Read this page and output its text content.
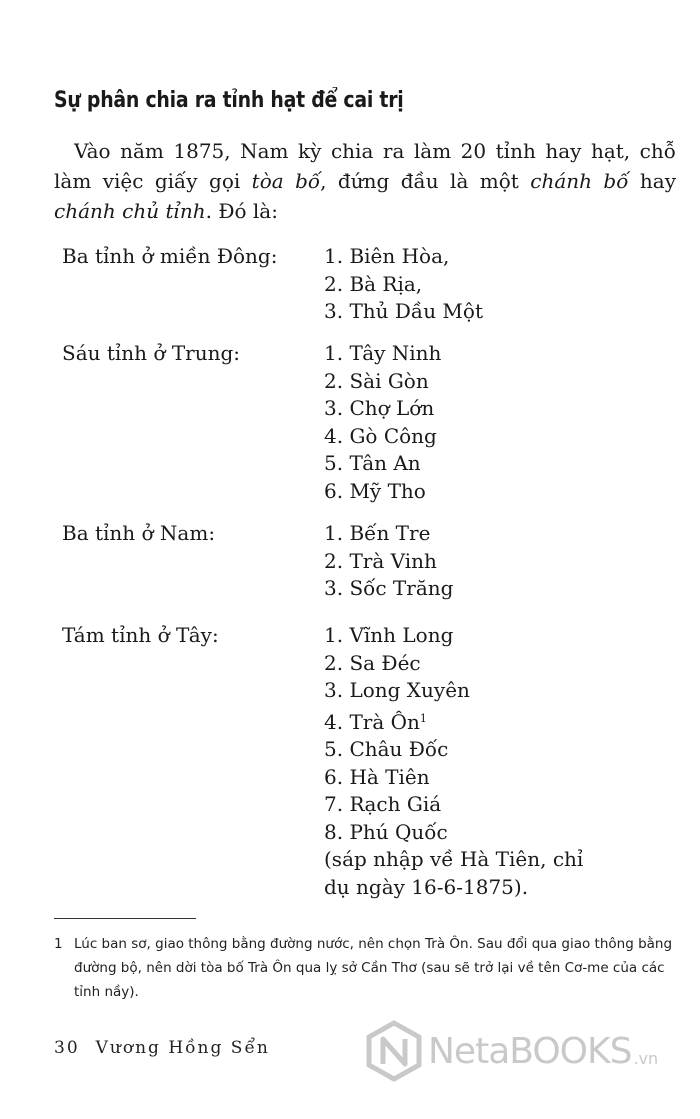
Sự phân chia ra tỉnh hạt để cai trị

Vào năm 1875, Nam kỳ chia ra làm 20 tỉnh hay hạt, chỗ làm việc giấy gọi tòa bố, đứng đầu là một chánh bố hay chánh chủ tỉnh. Đó là:

Ba tỉnh ở miền Đông:	1. Biên Hòa,
2. Bà Rịa,
3. Thủ Dầu Một
Sáu tỉnh ở Trung:	1. Tây Ninh
2. Sài Gòn
3. Chợ Lớn
4. Gò Công
5. Tân An
6. Mỹ Tho
Ba tỉnh ở Nam:	1. Bến Tre
2. Trà Vinh
3. Sốc Trăng
Tám tỉnh ở Tây:	1. Vĩnh Long
2. Sa Đéc
3. Long Xuyên
4. Trà $Ôn^1$
5. Châu Đốc
6. Hà Tiên
7. Rạch Giá
8. Phú Quốc
(sáp nhập về Hà Tiên, chỉ dụ ngày 16-6-1875).
1 Lúc ban sơ, giao thông bằng đường nước, nên chọn Trà Ôn. Sau đổi qua giao thông bằng đường bộ, nên dời tòa bố Trà Ôn qua lỵ sở Cần Thơ (sau sẽ trở lại về tên Cơ-me của các tỉnh nầy).
30 Vương Hồng Sển	NetaBOOKS .vn
